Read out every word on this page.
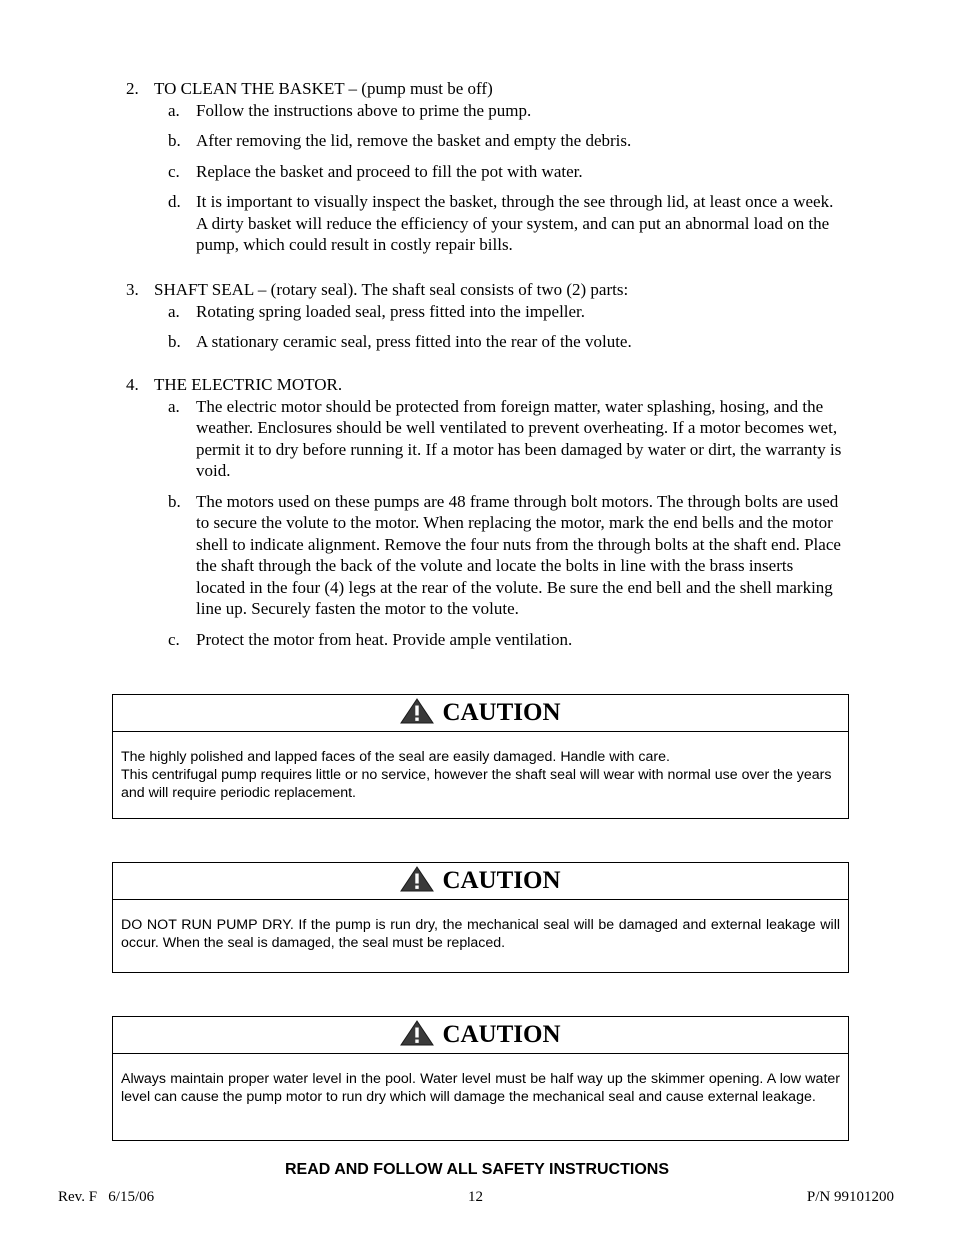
2. TO CLEAN THE BASKET – (pump must be off)
a. Follow the instructions above to prime the pump.
b. After removing the lid, remove the basket and empty the debris.
c. Replace the basket and proceed to fill the pot with water.
d. It is important to visually inspect the basket, through the see through lid, at least once a week. A dirty basket will reduce the efficiency of your system, and can put an abnormal load on the pump, which could result in costly repair bills.
3. SHAFT SEAL – (rotary seal). The shaft seal consists of two (2) parts:
a. Rotating spring loaded seal, press fitted into the impeller.
b. A stationary ceramic seal, press fitted into the rear of the volute.
4. THE ELECTRIC MOTOR.
a. The electric motor should be protected from foreign matter, water splashing, hosing, and the weather. Enclosures should be well ventilated to prevent overheating. If a motor becomes wet, permit it to dry before running it. If a motor has been damaged by water or dirt, the warranty is void.
b. The motors used on these pumps are 48 frame through bolt motors. The through bolts are used to secure the volute to the motor. When replacing the motor, mark the end bells and the motor shell to indicate alignment. Remove the four nuts from the through bolts at the shaft end. Place the shaft through the back of the volute and locate the bolts in line with the brass inserts located in the four (4) legs at the rear of the volute. Be sure the end bell and the shell marking line up. Securely fasten the motor to the volute.
c. Protect the motor from heat. Provide ample ventilation.
CAUTION
The highly polished and lapped faces of the seal are easily damaged. Handle with care.
This centrifugal pump requires little or no service, however the shaft seal will wear with normal use over the years and will require periodic replacement.
CAUTION
DO NOT RUN PUMP DRY. If the pump is run dry, the mechanical seal will be damaged and external leakage will occur. When the seal is damaged, the seal must be replaced.
CAUTION
Always maintain proper water level in the pool. Water level must be half way up the skimmer opening. A low water level can cause the pump motor to run dry which will damage the mechanical seal and cause external leakage.
READ AND FOLLOW ALL SAFETY INSTRUCTIONS
Rev. F   6/15/06	12	P/N 99101200
